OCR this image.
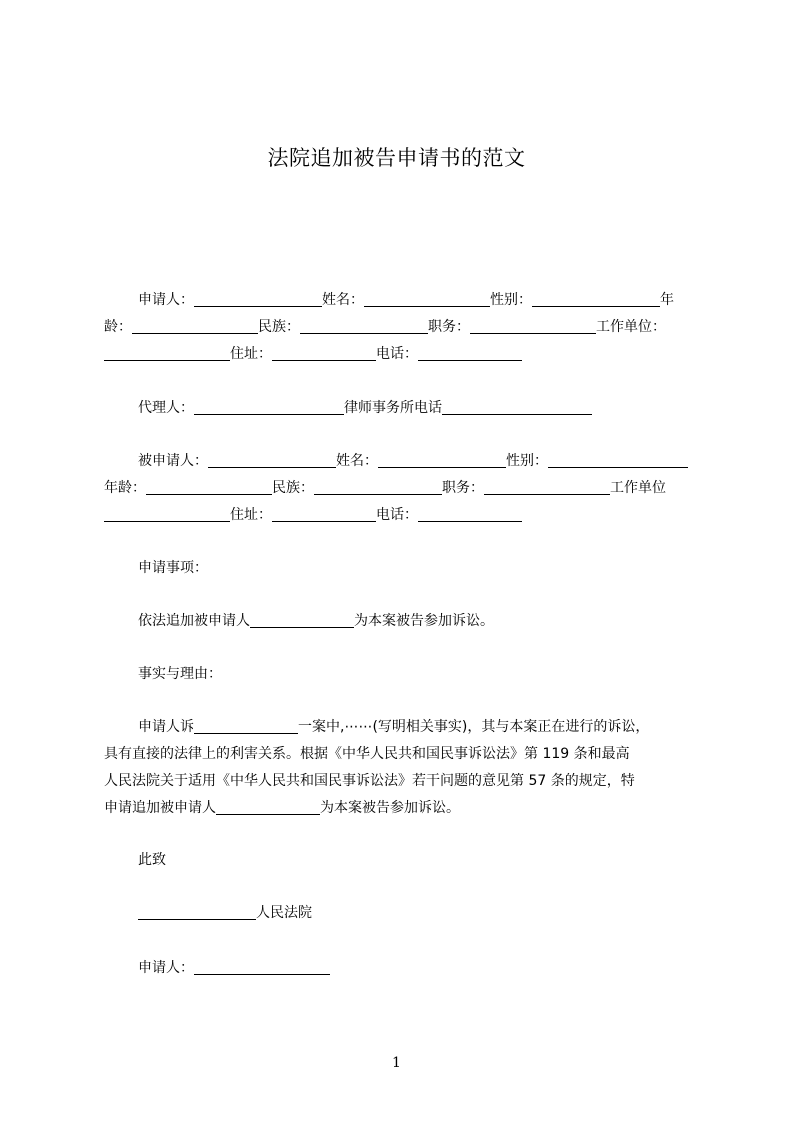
法院追加被告申请书的范文
申请人：	姓名：	性别：	年
龄：	民族：	职务：	工作单位：
住址：	电话：
代理人：	律师事务所电话
被申请人：	姓名：	性别：
年龄：	民族：	职务：	工作单位
住址：	电话：
申请事项：
依法追加被申请人	为本案被告参加诉讼。
事实与理由：
申请人诉	一案中,⋯⋯(写明相关事实)，其与本案正在进行的诉讼，
具有直接的法律上的利害关系。根据《中华人民共和国民事诉讼法》第 119 条和最高
人民法院关于适用《中华人民共和国民事诉讼法》若干问题的意见第 57 条的规定，特
申请追加被申请人	为本案被告参加诉讼。
此致
人民法院
申请人：
1
